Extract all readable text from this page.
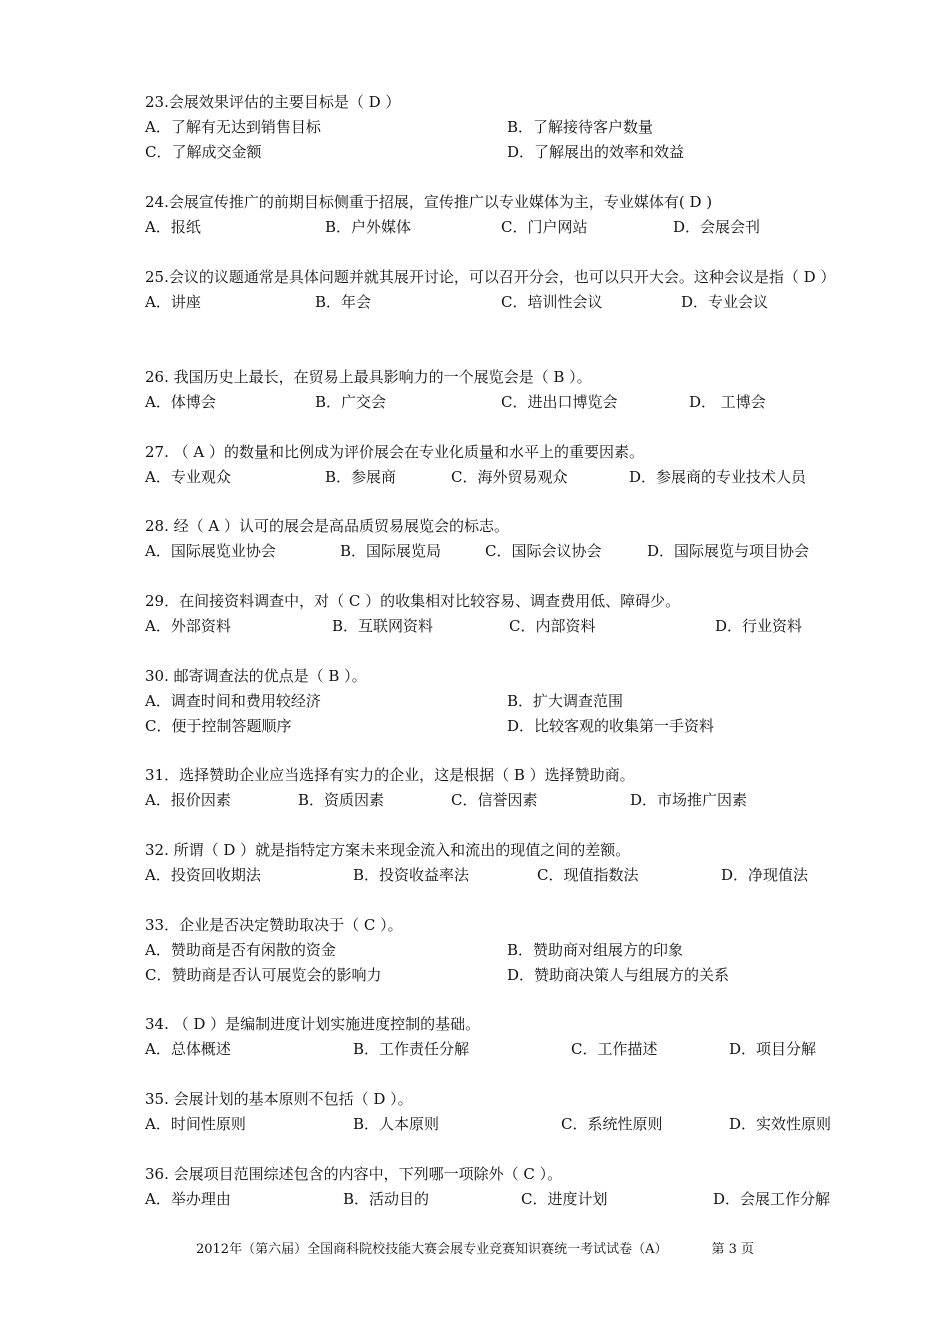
23.会展效果评估的主要目标是（ D ）
A．了解有无达到销售目标	B．了解接待客户数量
C．了解成交金额	D．了解展出的效率和效益
24.会展宣传推广的前期目标侧重于招展，宣传推广以专业媒体为主，专业媒体有( D )
A．报纸	B．户外媒体	C．门户网站	D．会展会刊
25.会议的议题通常是具体问题并就其展开讨论，可以召开分会，也可以只开大会。这种会议是指（ D ）
A．讲座	B．年会	C．培训性会议	D．专业会议
26. 我国历史上最长，在贸易上最具影响力的一个展览会是（ B ）。
A．体博会	B．广交会	C．进出口博览会	D． 工博会
27. （ A ）的数量和比例成为评价展会在专业化质量和水平上的重要因素。
A．专业观众	B．参展商	C．海外贸易观众	D．参展商的专业技术人员
28. 经（ A ）认可的展会是高品质贸易展览会的标志。
A．国际展览业协会	B．国际展览局	C．国际会议协会	D．国际展览与项目协会
29．在间接资料调查中，对（ C ）的收集相对比较容易、调查费用低、障碍少。
A．外部资料	B．互联网资料	C．内部资料	D．行业资料
30. 邮寄调查法的优点是（ B ）。
A．调查时间和费用较经济	B．扩大调查范围
C．便于控制答题顺序	D．比较客观的收集第一手资料
31．选择赞助企业应当选择有实力的企业，这是根据（ B ）选择赞助商。
A．报价因素	B．资质因素	C．信誉因素	D．市场推广因素
32. 所谓（ D ）就是指特定方案未来现金流入和流出的现值之间的差额。
A．投资回收期法	B．投资收益率法	C．现值指数法	D．净现值法
33．企业是否决定赞助取决于（ C ）。
A．赞助商是否有闲散的资金	B．赞助商对组展方的印象
C．赞助商是否认可展览会的影响力	D．赞助商决策人与组展方的关系
34. （ D ）是编制进度计划实施进度控制的基础。
A．总体概述	B．工作责任分解	C．工作描述	D．项目分解
35. 会展计划的基本原则不包括（ D ）。
A．时间性原则	B．人本原则	C．系统性原则	D．实效性原则
36. 会展项目范围综述包含的内容中，下列哪一项除外（ C ）。
A．举办理由	B．活动目的	C．进度计划	D．会展工作分解
2012年（第六届）全国商科院校技能大赛会展专业竞赛知识赛统一考试试卷（A）	第 3 页
